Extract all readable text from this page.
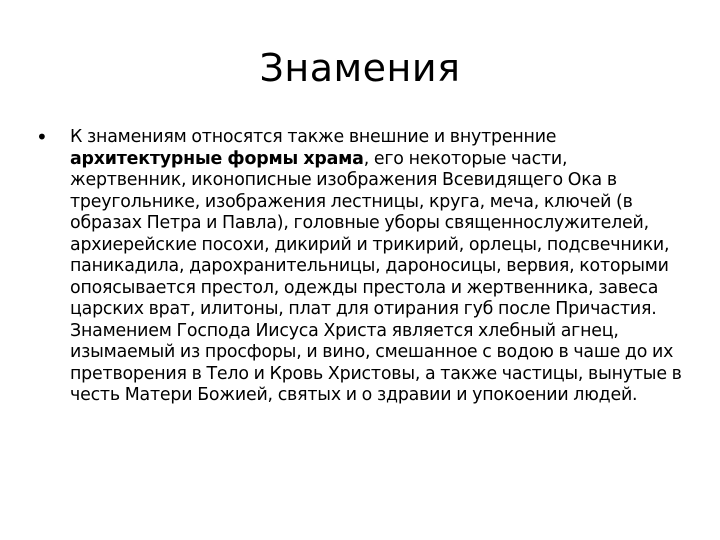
Знамения
• К знамениям относятся также внешние и внутренние архитектурные формы храма, его некоторые части, жертвенник, иконописные изображения Всевидящего Ока в треугольнике, изображения лестницы, круга, меча, ключей (в образах Петра и Павла), головные уборы священнослужителей, архиерейские посохи, дикирий и трикирий, орлецы, подсвечники, паникадила, дарохранительницы, дароносицы, вервия, которыми опоясывается престол, одежды престола и жертвенника, завеса царских врат, илитоны, плат для отирания губ после Причастия. Знамением Господа Иисуса Христа является хлебный агнец, изымаемый из просфоры, и вино, смешанное с водою в чаше до их претворения в Тело и Кровь Христовы, а также частицы, вынутые в честь Матери Божией, святых и о здравии и упокоении людей.
